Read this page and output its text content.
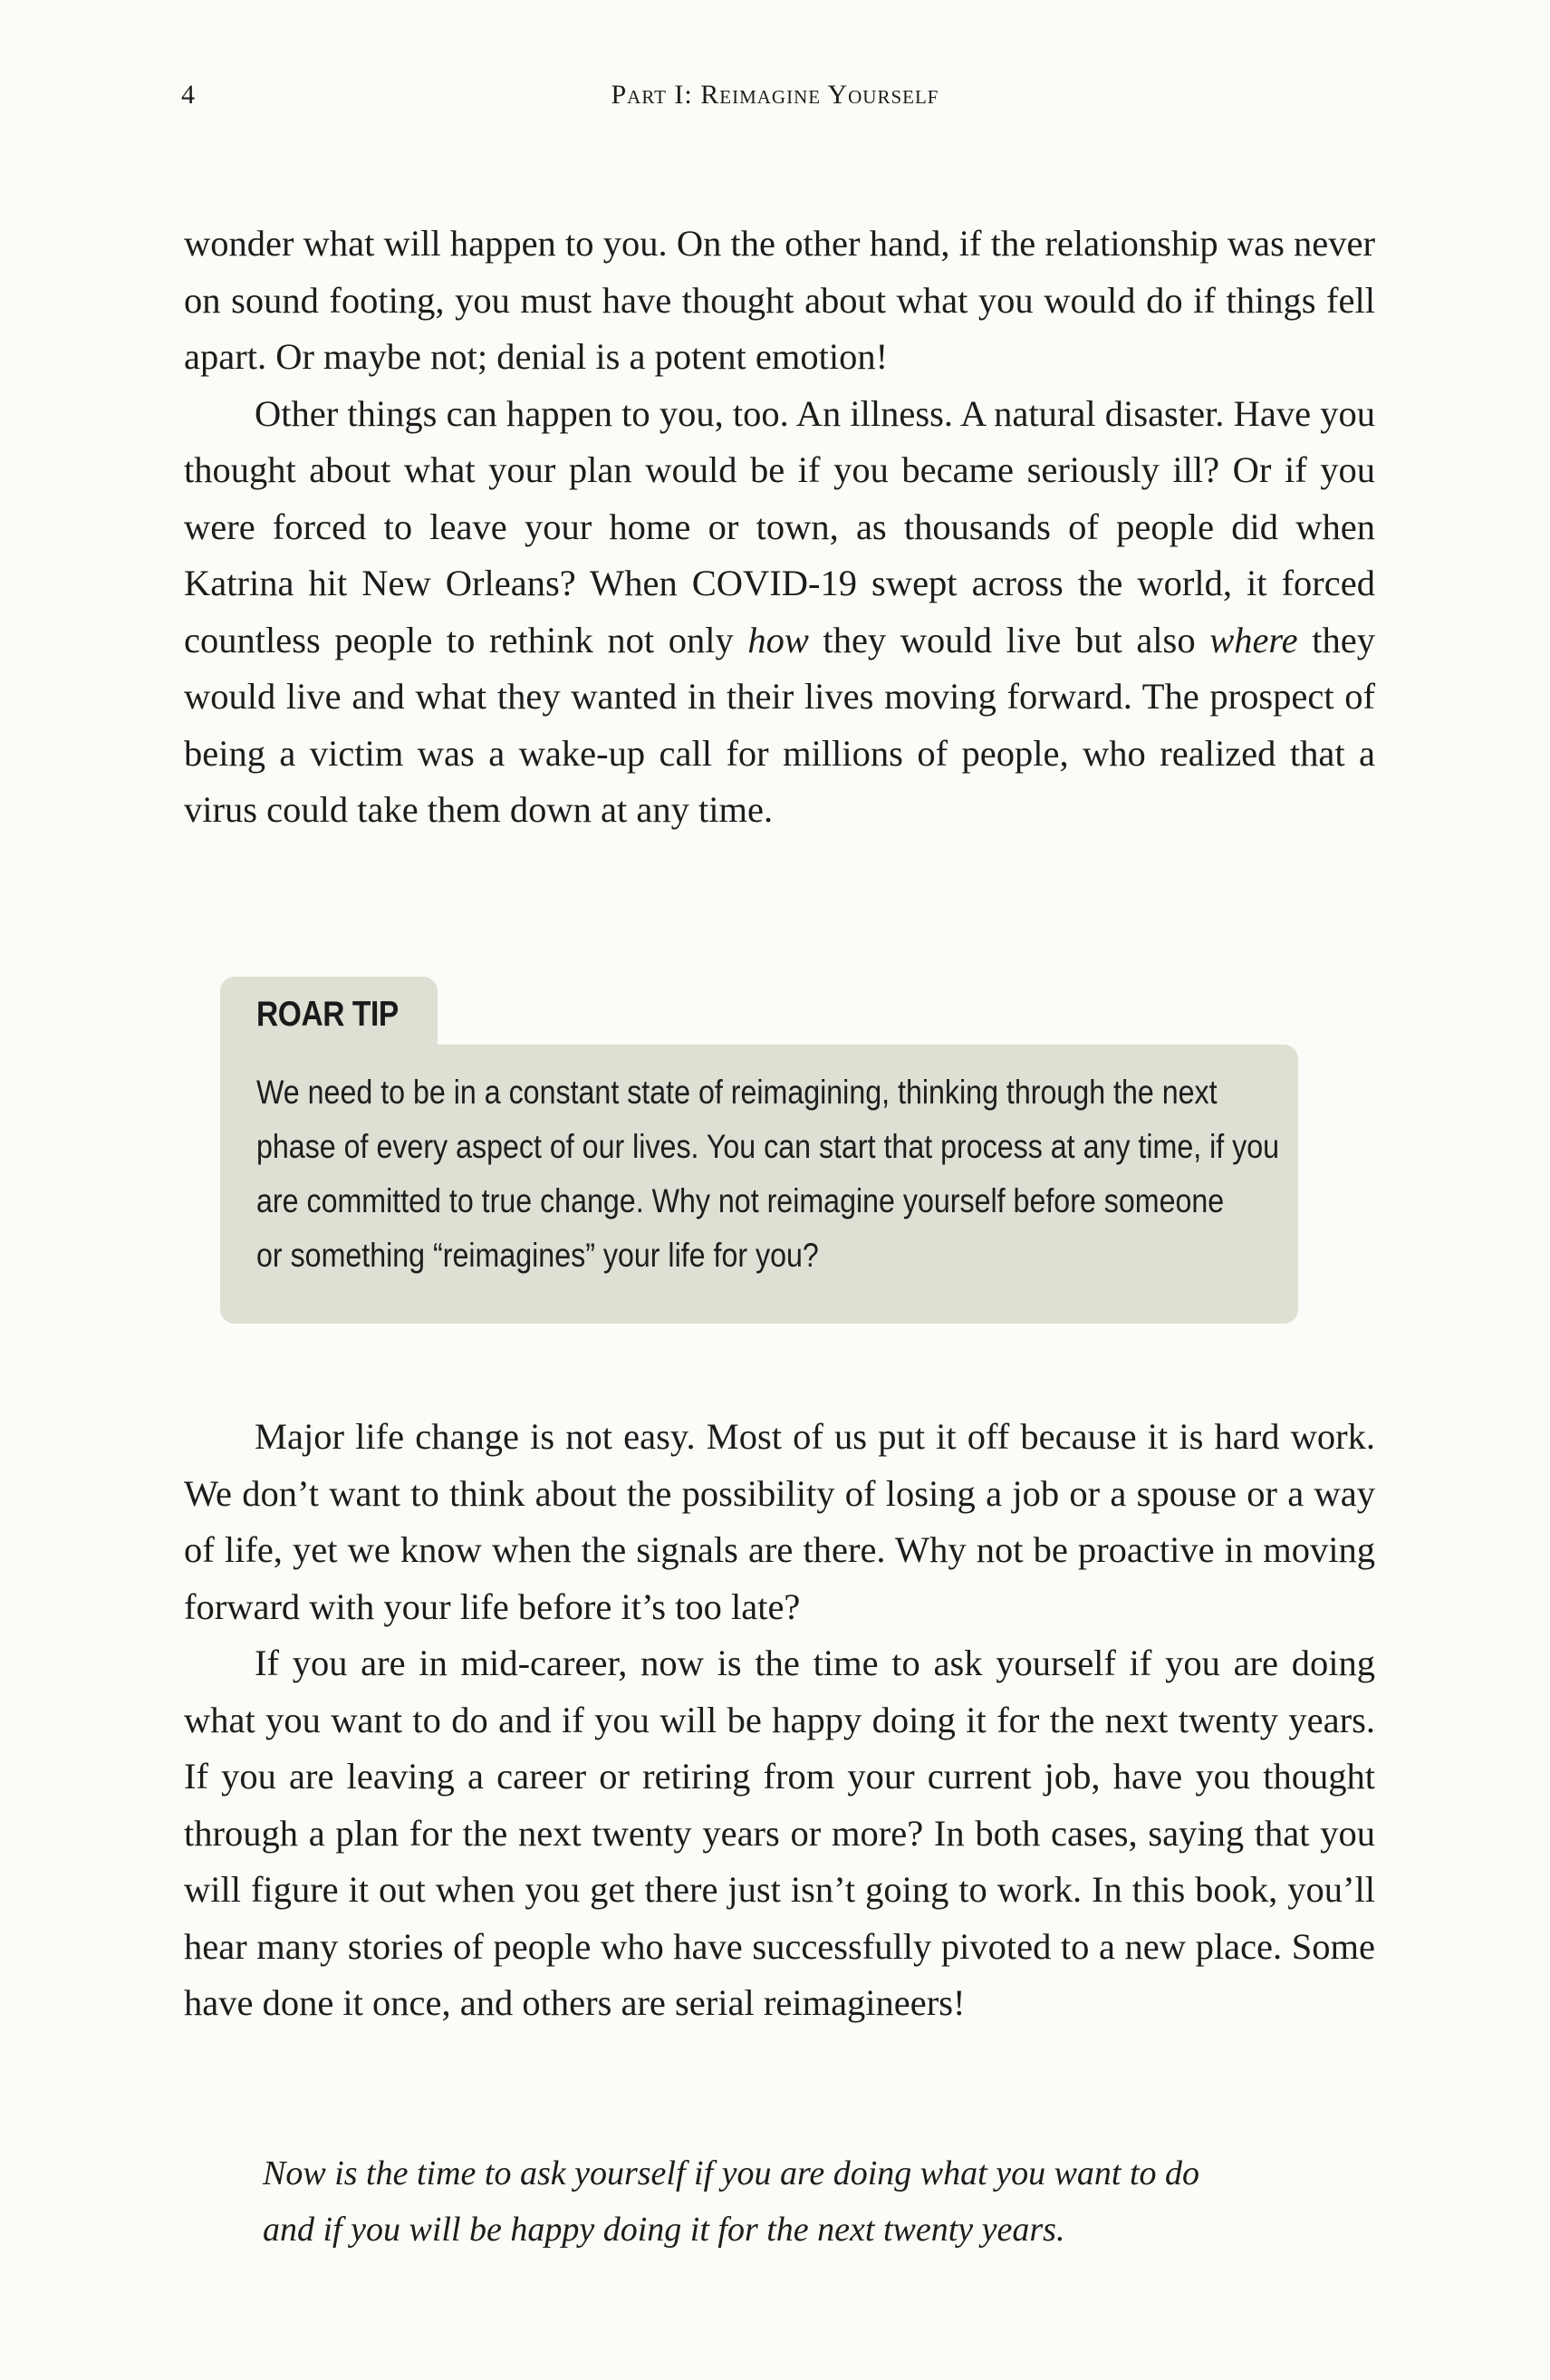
4	Part I: Reimagine Yourself

wonder what will happen to you. On the other hand, if the relationship was never on sound footing, you must have thought about what you would do if things fell apart. Or maybe not; denial is a potent emotion!

Other things can happen to you, too. An illness. A natural disaster. Have you thought about what your plan would be if you became seriously ill? Or if you were forced to leave your home or town, as thousands of people did when Katrina hit New Orleans? When COVID-19 swept across the world, it forced countless people to rethink not only how they would live but also where they would live and what they wanted in their lives moving forward. The prospect of being a victim was a wake-up call for millions of people, who realized that a virus could take them down at any time.

ROAR TIP
We need to be in a constant state of reimagining, thinking through the next
phase of every aspect of our lives. You can start that process at any time, if you
are committed to true change. Why not reimagine yourself before someone
or something “reimagines” your life for you?

Major life change is not easy. Most of us put it off because it is hard work. We don’t want to think about the possibility of losing a job or a spouse or a way of life, yet we know when the signals are there. Why not be proactive in moving forward with your life before it’s too late?

If you are in mid-career, now is the time to ask yourself if you are doing what you want to do and if you will be happy doing it for the next twenty years. If you are leaving a career or retiring from your current job, have you thought through a plan for the next twenty years or more? In both cases, saying that you will figure it out when you get there just isn’t going to work. In this book, you’ll hear many stories of people who have successfully pivoted to a new place. Some have done it once, and others are serial reimagineers!

Now is the time to ask yourself if you are doing what you want to do
and if you will be happy doing it for the next twenty years.
